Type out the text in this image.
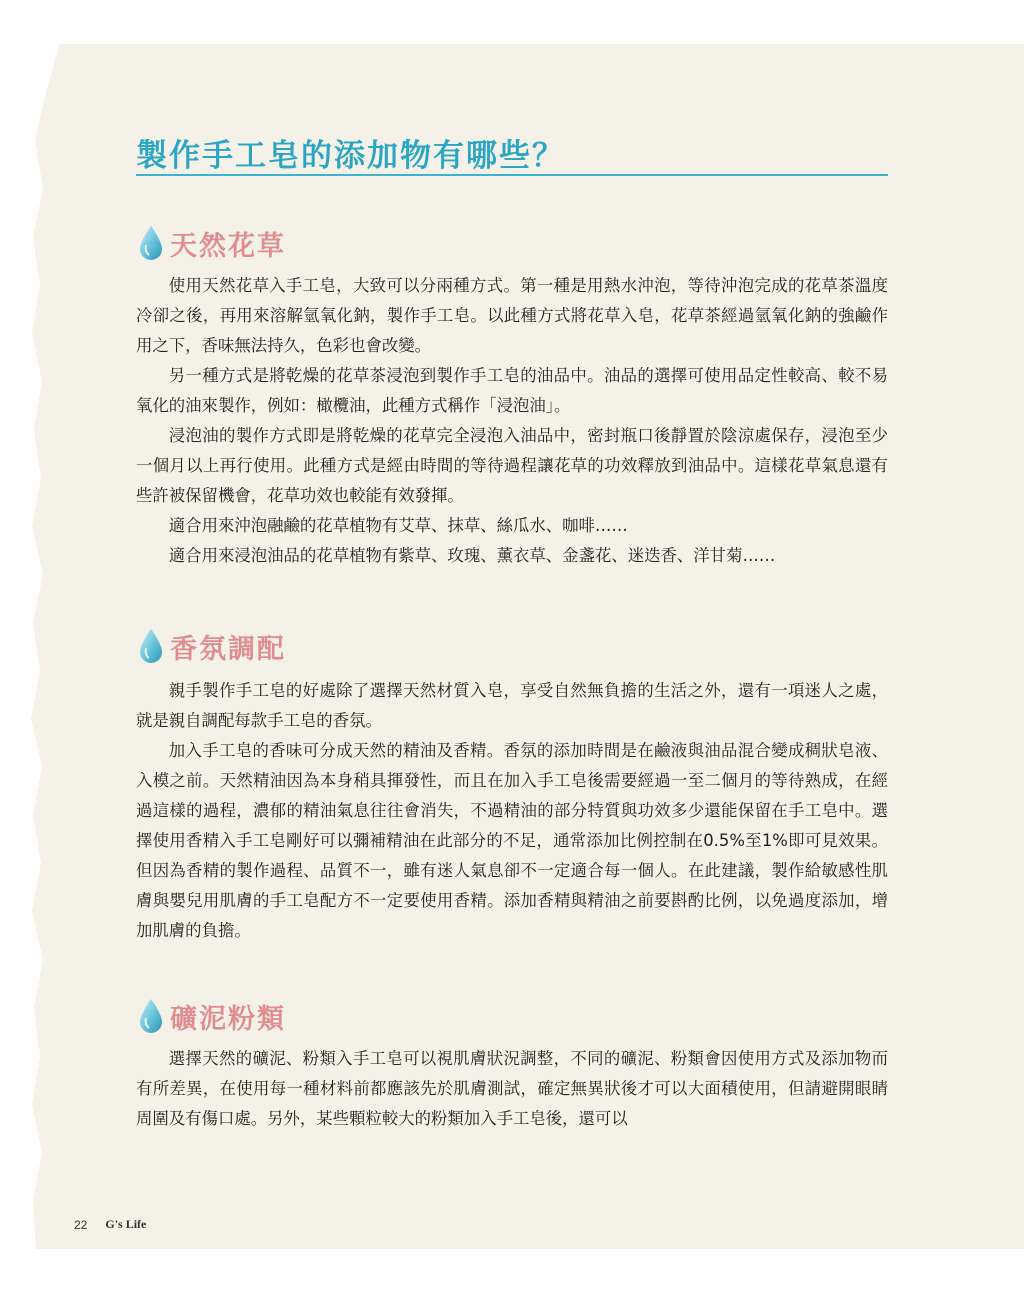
製作手工皂的添加物有哪些？
天然花草

使用天然花草入手工皂，大致可以分兩種方式。第一種是用熱水沖泡，等待沖泡完成的花草茶溫度冷卻之後，再用來溶解氫氧化鈉，製作手工皂。以此種方式將花草入皂，花草茶經過氫氧化鈉的強鹼作用之下，香味無法持久，色彩也會改變。

另一種方式是將乾燥的花草茶浸泡到製作手工皂的油品中。油品的選擇可使用品定性較高、較不易氧化的油來製作，例如：橄欖油，此種方式稱作「浸泡油」。

浸泡油的製作方式即是將乾燥的花草完全浸泡入油品中，密封瓶口後靜置於陰涼處保存，浸泡至少一個月以上再行使用。此種方式是經由時間的等待過程讓花草的功效釋放到油品中。這樣花草氣息還有些許被保留機會，花草功效也較能有效發揮。

適合用來沖泡融鹼的花草植物有艾草、抹草、絲瓜水、咖啡……

適合用來浸泡油品的花草植物有紫草、玫瑰、薰衣草、金盞花、迷迭香、洋甘菊……

香氛調配

親手製作手工皂的好處除了選擇天然材質入皂，享受自然無負擔的生活之外，還有一項迷人之處，就是親自調配每款手工皂的香氛。

加入手工皂的香味可分成天然的精油及香精。香氛的添加時間是在鹼液與油品混合變成稠狀皂液、入模之前。天然精油因為本身稍具揮發性，而且在加入手工皂後需要經過一至二個月的等待熟成，在經過這樣的過程，濃郁的精油氣息往往會消失，不過精油的部分特質與功效多少還能保留在手工皂中。選擇使用香精入手工皂剛好可以彌補精油在此部分的不足，通常添加比例控制在0.5%至1%即可見效果。但因為香精的製作過程、品質不一，雖有迷人氣息卻不一定適合每一個人。在此建議，製作給敏感性肌膚與嬰兒用肌膚的手工皂配方不一定要使用香精。添加香精與精油之前要斟酌比例，以免過度添加，增加肌膚的負擔。

礦泥粉類

選擇天然的礦泥、粉類入手工皂可以視肌膚狀況調整，不同的礦泥、粉類會因使用方式及添加物而有所差異，在使用每一種材料前都應該先於肌膚測試，確定無異狀後才可以大面積使用，但請避開眼睛周圍及有傷口處。另外，某些顆粒較大的粉類加入手工皂後，還可以

22 G's Life
